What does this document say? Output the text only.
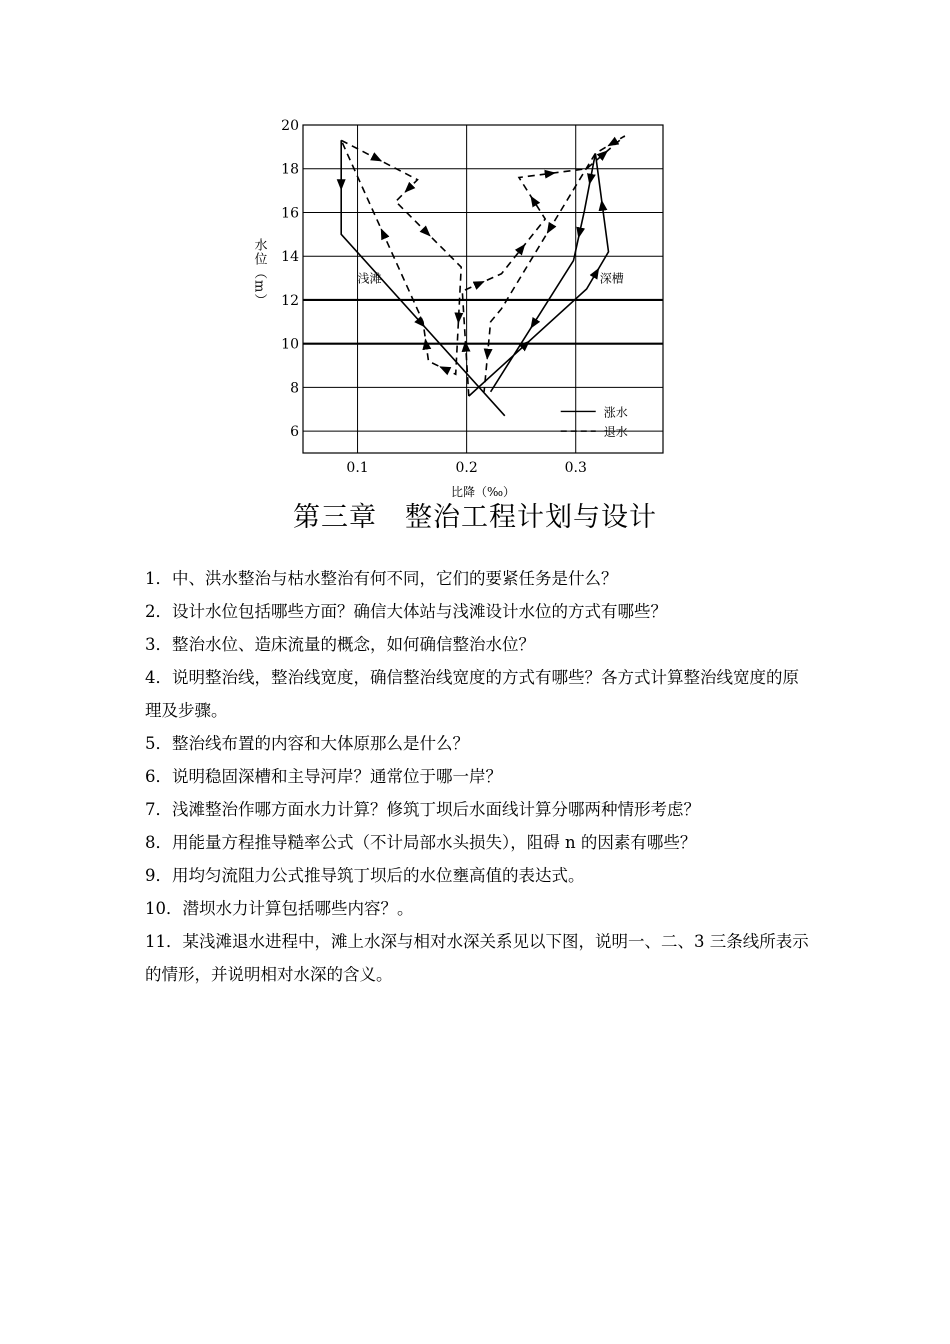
6
8
10
12
14
16
18
20
0.1	0.2	0.3
水位（m）
比降（‰）
浅滩	深槽
涨水
退水
第三章　整治工程计划与设计
1．中、洪水整治与枯水整治有何不同，它们的要紧任务是什么？
2．设计水位包括哪些方面？确信大体站与浅滩设计水位的方式有哪些？
3．整治水位、造床流量的概念，如何确信整治水位？
4．说明整治线，整治线宽度，确信整治线宽度的方式有哪些？各方式计算整治线宽度的原理及步骤。
5．整治线布置的内容和大体原那么是什么？
6．说明稳固深槽和主导河岸？通常位于哪一岸？
7．浅滩整治作哪方面水力计算？修筑丁坝后水面线计算分哪两种情形考虑？
8．用能量方程推导糙率公式（不计局部水头损失），阻碍 n 的因素有哪些？
9．用均匀流阻力公式推导筑丁坝后的水位壅高值的表达式。
10．潜坝水力计算包括哪些内容？。
11．某浅滩退水进程中，滩上水深与相对水深关系见以下图，说明一、二、3 三条线所表示的情形，并说明相对水深的含义。
